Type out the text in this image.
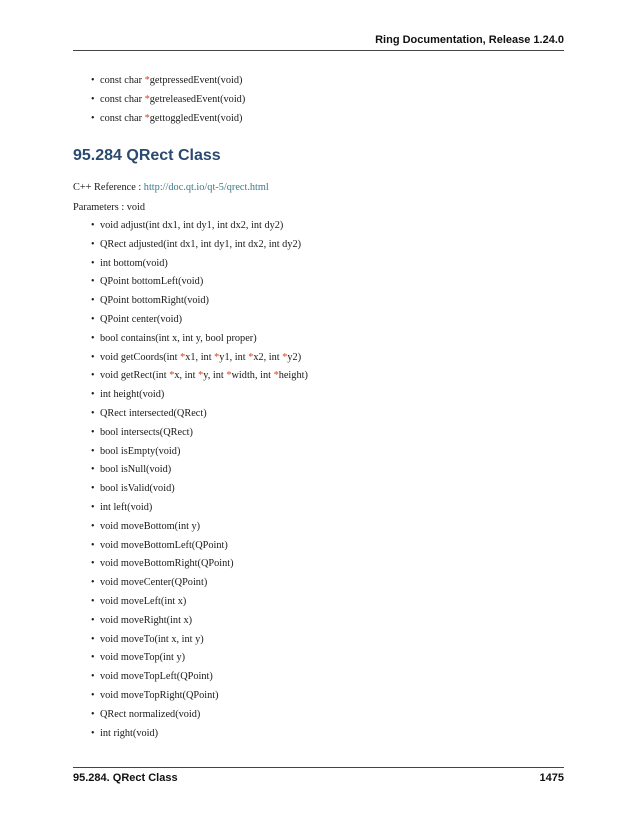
Ring Documentation, Release 1.24.0
• const char *getpressedEvent(void)
• const char *getreleasedEvent(void)
• const char *gettoggledEvent(void)
95.284 QRect Class
C++ Reference : http://doc.qt.io/qt-5/qrect.html
Parameters : void
• void adjust(int dx1, int dy1, int dx2, int dy2)
• QRect adjusted(int dx1, int dy1, int dx2, int dy2)
• int bottom(void)
• QPoint bottomLeft(void)
• QPoint bottomRight(void)
• QPoint center(void)
• bool contains(int x, int y, bool proper)
• void getCoords(int *x1, int *y1, int *x2, int *y2)
• void getRect(int *x, int *y, int *width, int *height)
• int height(void)
• QRect intersected(QRect)
• bool intersects(QRect)
• bool isEmpty(void)
• bool isNull(void)
• bool isValid(void)
• int left(void)
• void moveBottom(int y)
• void moveBottomLeft(QPoint)
• void moveBottomRight(QPoint)
• void moveCenter(QPoint)
• void moveLeft(int x)
• void moveRight(int x)
• void moveTo(int x, int y)
• void moveTop(int y)
• void moveTopLeft(QPoint)
• void moveTopRight(QPoint)
• QRect normalized(void)
• int right(void)
95.284. QRect Class	1475
